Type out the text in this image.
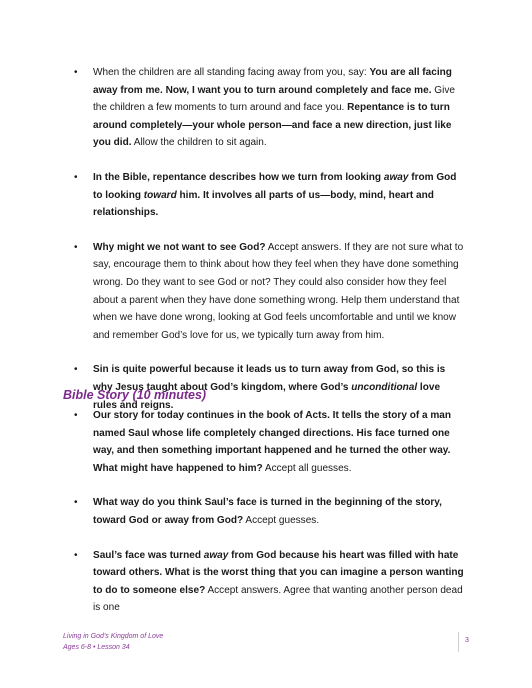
• When the children are all standing facing away from you, say: You are all facing away from me. Now, I want you to turn around completely and face me. Give the children a few moments to turn around and face you. Repentance is to turn around completely—your whole person—and face a new direction, just like you did. Allow the children to sit again.
• In the Bible, repentance describes how we turn from looking away from God to looking toward him. It involves all parts of us—body, mind, heart and relationships.
• Why might we not want to see God? Accept answers. If they are not sure what to say, encourage them to think about how they feel when they have done something wrong. Do they want to see God or not? They could also consider how they feel about a parent when they have done something wrong. Help them understand that when we have done wrong, looking at God feels uncomfortable and until we know and remember God’s love for us, we typically turn away from him.
• Sin is quite powerful because it leads us to turn away from God, so this is why Jesus taught about God’s kingdom, where God’s unconditional love rules and reigns.
Bible Story (10 minutes)
• Our story for today continues in the book of Acts. It tells the story of a man named Saul whose life completely changed directions. His face turned one way, and then something important happened and he turned the other way. What might have happened to him? Accept all guesses.
• What way do you think Saul’s face is turned in the beginning of the story, toward God or away from God? Accept guesses.
• Saul’s face was turned away from God because his heart was filled with hate toward others. What is the worst thing that you can imagine a person wanting to do to someone else? Accept answers. Agree that wanting another person dead is one
Living in God’s Kingdom of Love
Ages 6-8 • Lesson 34
3
